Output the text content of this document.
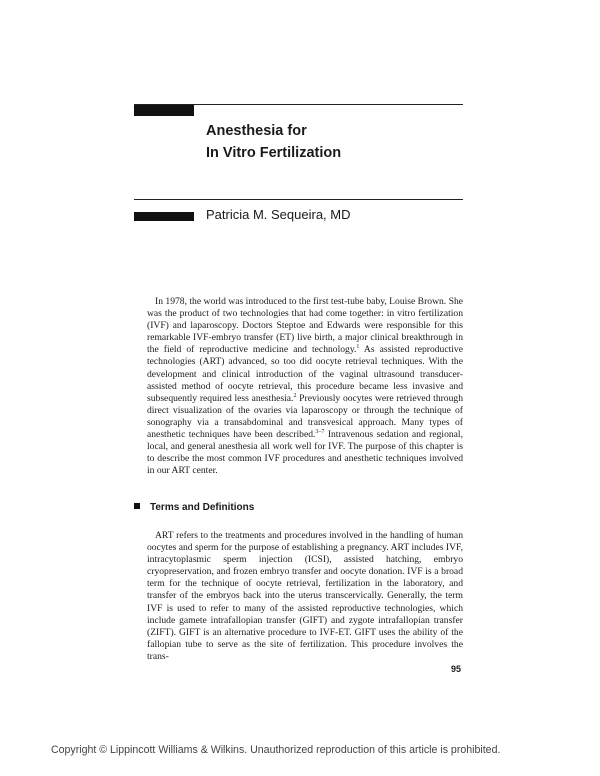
Anesthesia for
In Vitro Fertilization
Patricia M. Sequeira, MD

In 1978, the world was introduced to the first test-tube baby, Louise Brown. She was the product of two technologies that had come together: in vitro fertilization (IVF) and laparoscopy. Doctors Steptoe and Edwards were responsible for this remarkable IVF-embryo transfer (ET) live birth, a major clinical breakthrough in the field of reproductive medicine and technology.$^1$ As assisted reproductive technologies (ART) advanced, so too did oocyte retrieval techniques. With the development and clinical introduction of the vaginal ultrasound transducer-assisted method of oocyte retrieval, this procedure became less invasive and subsequently required less anesthesia.$^2$ Previously oocytes were retrieved through direct visualization of the ovaries via laparoscopy or through the technique of sonography via a transabdominal and transvesical approach. Many types of anesthetic techniques have been described.$^{3-7}$ Intravenous sedation and regional, local, and general anesthesia all work well for IVF. The purpose of this chapter is to describe the most common IVF procedures and anesthetic techniques involved in our ART center.

Terms and Definitions

ART refers to the treatments and procedures involved in the handling of human oocytes and sperm for the purpose of establishing a pregnancy. ART includes IVF, intracytoplasmic sperm injection (ICSI), assisted hatching, embryo cryopreservation, and frozen embryo transfer and oocyte donation. IVF is a broad term for the technique of oocyte retrieval, fertilization in the laboratory, and transfer of the embryos back into the uterus transcervically. Generally, the term IVF is used to refer to many of the assisted reproductive technologies, which include gamete intrafallopian transfer (GIFT) and zygote intrafallopian transfer (ZIFT). GIFT is an alternative procedure to IVF-ET. GIFT uses the ability of the fallopian tube to serve as the site of fertilization. This procedure involves the trans-

95
Copyright © Lippincott Williams & Wilkins. Unauthorized reproduction of this article is prohibited.
